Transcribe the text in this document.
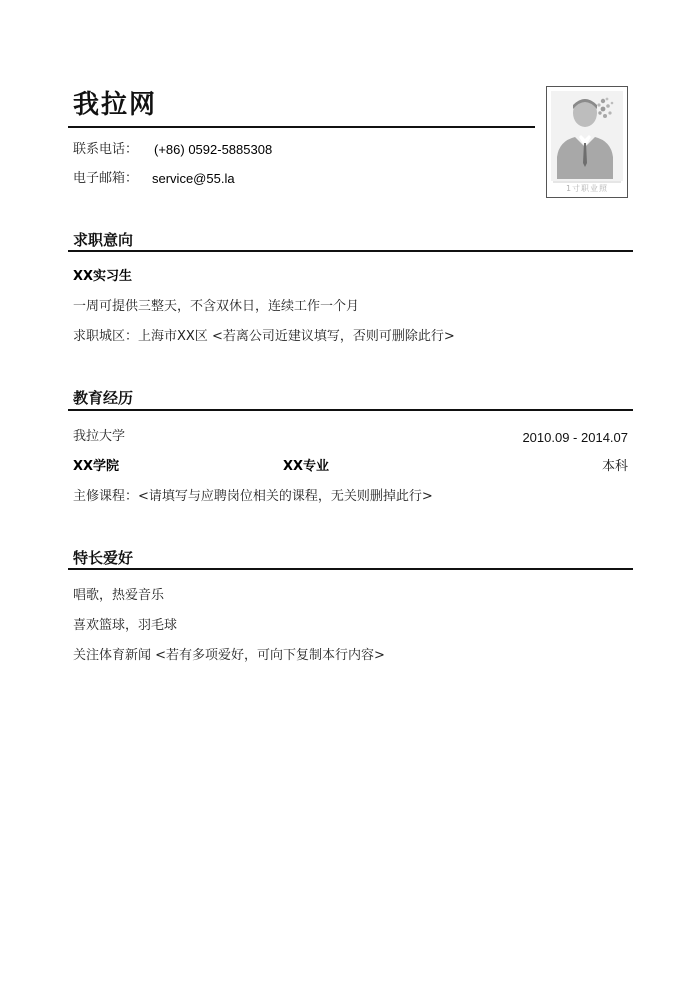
我拉网
联系电话： (+86) 0592-5885308
电子邮箱： service@55.la
1寸职业照
求职意向
XX实习生
一周可提供三整天，不含双休日，连续工作一个月
求职城区：上海市XX区 <若离公司近建议填写，否则可删除此行>
教育经历
我拉大学	2010.09 - 2014.07
XX学院	XX专业	本科
主修课程：<请填写与应聘岗位相关的课程，无关则删掉此行>
特长爱好
唱歌，热爱音乐
喜欢篮球，羽毛球
关注体育新闻 <若有多项爱好，可向下复制本行内容>
